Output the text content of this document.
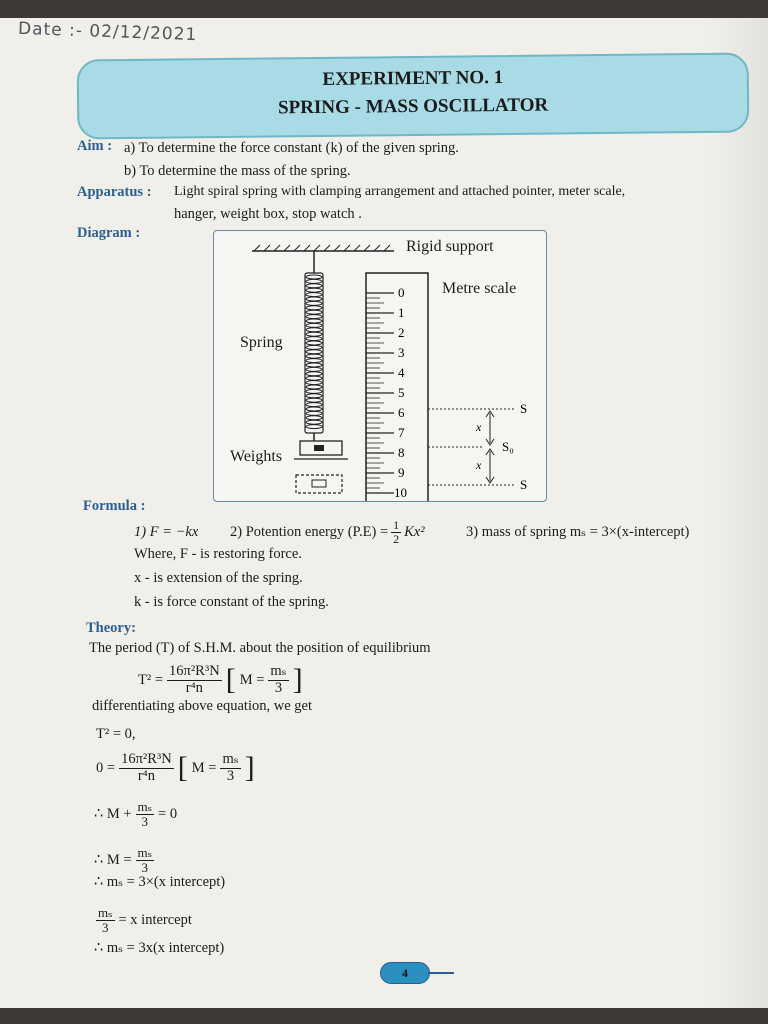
Date :- 02/12/2021
EXPERIMENT NO. 1
SPRING - MASS OSCILLATOR
Aim : a) To determine the force constant (k) of the given spring.
b) To determine the mass of the spring.
Apparatus : Light spiral spring with clamping arrangement and attached pointer, meter scale,
hanger, weight box, stop watch .
Diagram :
Rigid support
Spring
Weights
0
1
2
3
4
5
6
7
8
9
10
Metre scale
S
x
S₀
x
S
Formula :
1) F = −kx 2) Potention energy $(P.E) = \frac{1}{2} Kx^2$	3) mass of spring mₛ = 3×(x-intercept)
Where, F - is restoring force.
x - is extension of the spring.
k - is force constant of the spring.
Theory:
The period (T) of S.H.M. about the position of equilibrium
$T^2 = \frac{\text{16π²R³N}}{\text{r⁴n}}$ [ $M = \frac{\text{mₛ}}{3}$ ]
differentiating above equation, we get
T² = 0,
$0 = \frac{\text{16π²R³N}}{\text{r⁴n}}$ [ $M = \frac{\text{mₛ}}{3}$ ]
∴ $M + \frac{\text{mₛ}}{3} = 0$
∴ $M = \frac{\text{mₛ}}{3}$
∴ mₛ = 3×(x intercept)
$\frac{\text{mₛ}}{3} = x$ intercept
∴ mₛ = 3x(x intercept)
4
